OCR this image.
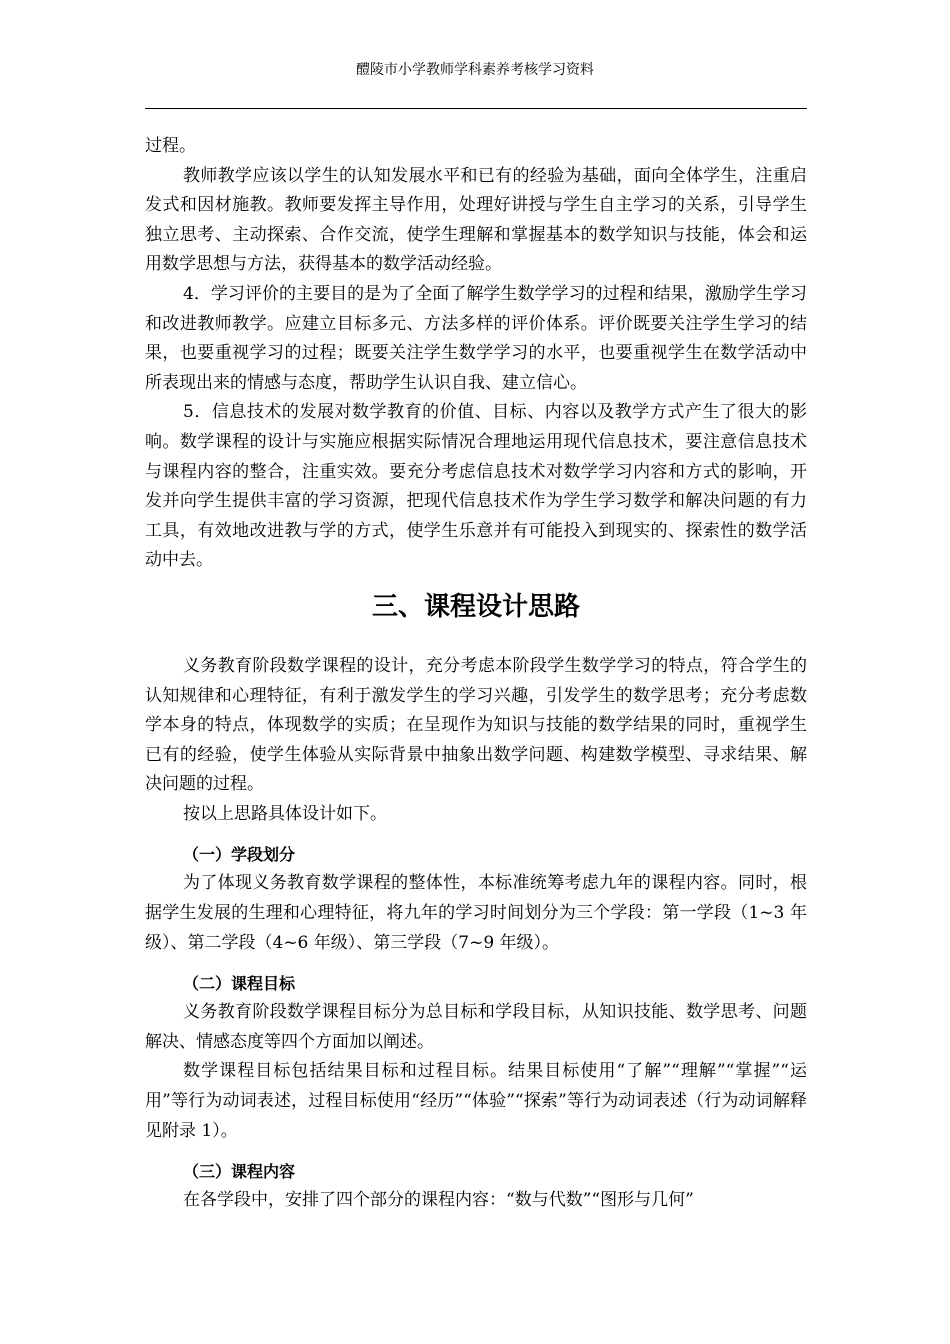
醴陵市小学教师学科素养考核学习资料

过程。

教师教学应该以学生的认知发展水平和已有的经验为基础，面向全体学生，注重启发式和因材施教。教师要发挥主导作用，处理好讲授与学生自主学习的关系，引导学生独立思考、主动探索、合作交流，使学生理解和掌握基本的数学知识与技能，体会和运用数学思想与方法，获得基本的数学活动经验。

4．学习评价的主要目的是为了全面了解学生数学学习的过程和结果，激励学生学习和改进教师教学。应建立目标多元、方法多样的评价体系。评价既要关注学生学习的结果，也要重视学习的过程；既要关注学生数学学习的水平，也要重视学生在数学活动中所表现出来的情感与态度，帮助学生认识自我、建立信心。

5．信息技术的发展对数学教育的价值、目标、内容以及教学方式产生了很大的影响。数学课程的设计与实施应根据实际情况合理地运用现代信息技术，要注意信息技术与课程内容的整合，注重实效。要充分考虑信息技术对数学学习内容和方式的影响，开发并向学生提供丰富的学习资源，把现代信息技术作为学生学习数学和解决问题的有力工具，有效地改进教与学的方式，使学生乐意并有可能投入到现实的、探索性的数学活动中去。

三、课程设计思路

义务教育阶段数学课程的设计，充分考虑本阶段学生数学学习的特点，符合学生的认知规律和心理特征，有利于激发学生的学习兴趣，引发学生的数学思考；充分考虑数学本身的特点，体现数学的实质；在呈现作为知识与技能的数学结果的同时，重视学生已有的经验，使学生体验从实际背景中抽象出数学问题、构建数学模型、寻求结果、解决问题的过程。

按以上思路具体设计如下。

（一）学段划分

为了体现义务教育数学课程的整体性，本标准统筹考虑九年的课程内容。同时，根据学生发展的生理和心理特征，将九年的学习时间划分为三个学段：第一学段（1~3 年级）、第二学段（4~6 年级）、第三学段（7~9 年级）。

（二）课程目标

义务教育阶段数学课程目标分为总目标和学段目标，从知识技能、数学思考、问题解决、情感态度等四个方面加以阐述。

数学课程目标包括结果目标和过程目标。结果目标使用“了解”“理解”“掌握”“运用”等行为动词表述，过程目标使用“经历”“体验”“探索”等行为动词表述（行为动词解释见附录 1）。

（三）课程内容

在各学段中，安排了四个部分的课程内容：“数与代数”“图形与几何”
